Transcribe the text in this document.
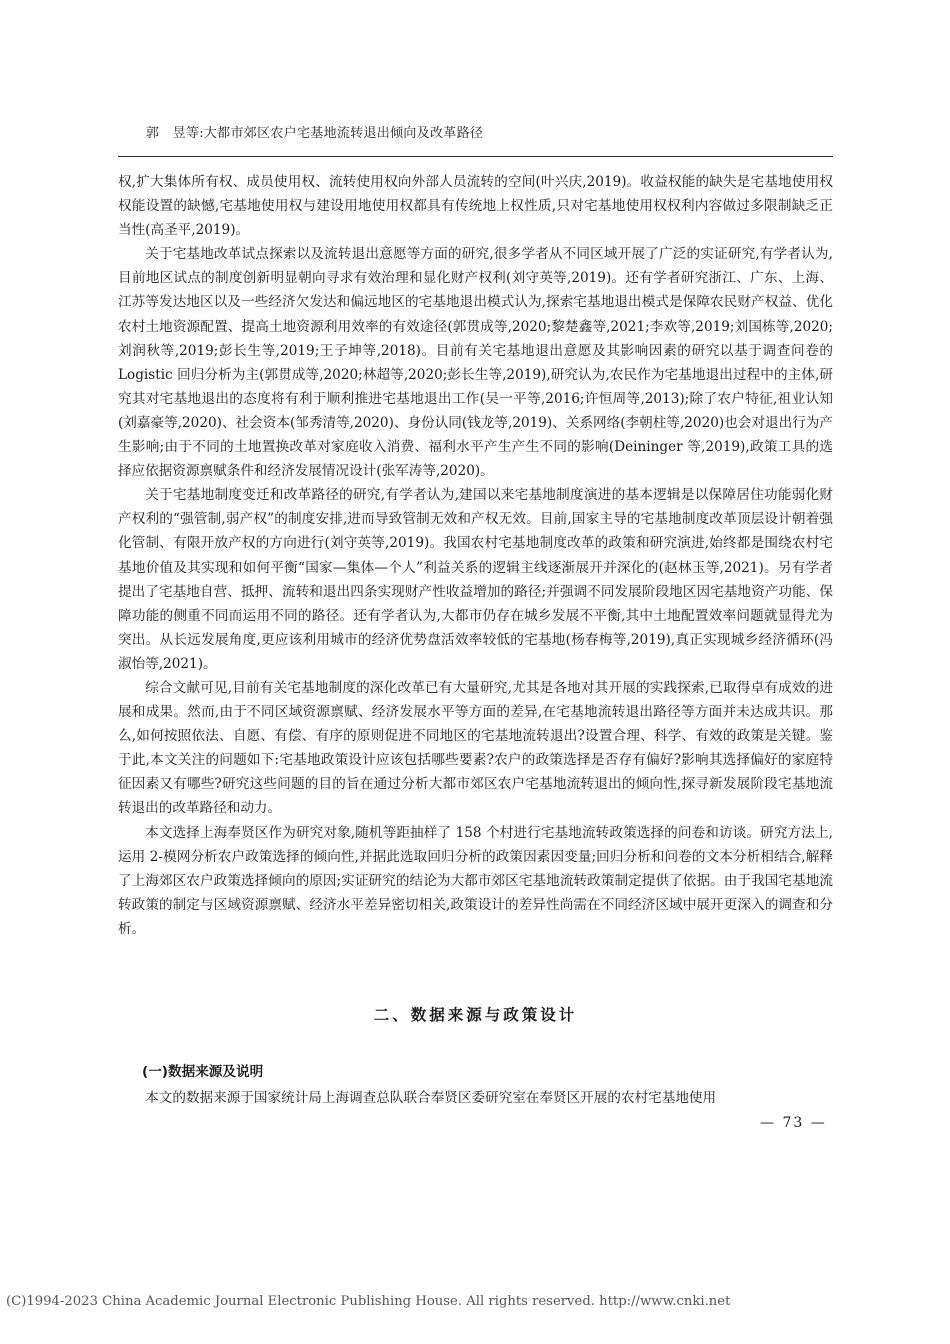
郭　昱等:大都市郊区农户宅基地流转退出倾向及改革路径

权,扩大集体所有权、成员使用权、流转使用权向外部人员流转的空间(叶兴庆,2019)。收益权能的缺失是宅基地使用权权能设置的缺憾,宅基地使用权与建设用地使用权都具有传统地上权性质,只对宅基地使用权权利内容做过多限制缺乏正当性(高圣平,2019)。

关于宅基地改革试点探索以及流转退出意愿等方面的研究,很多学者从不同区域开展了广泛的实证研究,有学者认为,目前地区试点的制度创新明显朝向寻求有效治理和显化财产权利(刘守英等,2019)。还有学者研究浙江、广东、上海、江苏等发达地区以及一些经济欠发达和偏远地区的宅基地退出模式认为,探索宅基地退出模式是保障农民财产权益、优化农村土地资源配置、提高土地资源利用效率的有效途径(郭贯成等,2020;黎楚鑫等,2021;李欢等,2019;刘国栋等,2020;刘润秋等,2019;彭长生等,2019;王子坤等,2018)。目前有关宅基地退出意愿及其影响因素的研究以基于调查问卷的 Logistic 回归分析为主(郭贯成等,2020;林超等,2020;彭长生等,2019),研究认为,农民作为宅基地退出过程中的主体,研究其对宅基地退出的态度将有利于顺利推进宅基地退出工作(吴一平等,2016;许恒周等,2013);除了农户特征,祖业认知(刘嘉豪等,2020)、社会资本(邹秀清等,2020)、身份认同(钱龙等,2019)、关系网络(李朝柱等,2020)也会对退出行为产生影响;由于不同的土地置换改革对家庭收入消费、福利水平产生产生不同的影响(Deininger 等,2019),政策工具的选择应依据资源禀赋条件和经济发展情况设计(张军涛等,2020)。

关于宅基地制度变迁和改革路径的研究,有学者认为,建国以来宅基地制度演进的基本逻辑是以保障居住功能弱化财产权利的“强管制,弱产权”的制度安排,进而导致管制无效和产权无效。目前,国家主导的宅基地制度改革顶层设计朝着强化管制、有限开放产权的方向进行(刘守英等,2019)。我国农村宅基地制度改革的政策和研究演进,始终都是围绕农村宅基地价值及其实现和如何平衡“国家—集体—个人”利益关系的逻辑主线逐渐展开并深化的(赵林玉等,2021)。另有学者提出了宅基地自营、抵押、流转和退出四条实现财产性收益增加的路径;并强调不同发展阶段地区因宅基地资产功能、保障功能的侧重不同而运用不同的路径。还有学者认为,大都市仍存在城乡发展不平衡,其中土地配置效率问题就显得尤为突出。从长远发展角度,更应该利用城市的经济优势盘活效率较低的宅基地(杨春梅等,2019),真正实现城乡经济循环(冯淑怡等,2021)。

综合文献可见,目前有关宅基地制度的深化改革已有大量研究,尤其是各地对其开展的实践探索,已取得卓有成效的进展和成果。然而,由于不同区域资源禀赋、经济发展水平等方面的差异,在宅基地流转退出路径等方面并未达成共识。那么,如何按照依法、自愿、有偿、有序的原则促进不同地区的宅基地流转退出?设置合理、科学、有效的政策是关键。鉴于此,本文关注的问题如下:宅基地政策设计应该包括哪些要素?农户的政策选择是否存有偏好?影响其选择偏好的家庭特征因素又有哪些?研究这些问题的目的旨在通过分析大都市郊区农户宅基地流转退出的倾向性,探寻新发展阶段宅基地流转退出的改革路径和动力。

本文选择上海奉贤区作为研究对象,随机等距抽样了 158 个村进行宅基地流转政策选择的问卷和访谈。研究方法上,运用 2-模网分析农户政策选择的倾向性,并据此选取回归分析的政策因素因变量;回归分析和问卷的文本分析相结合,解释了上海郊区农户政策选择倾向的原因;实证研究的结论为大都市郊区宅基地流转政策制定提供了依据。由于我国宅基地流转政策的制定与区域资源禀赋、经济水平差异密切相关,政策设计的差异性尚需在不同经济区域中展开更深入的调查和分析。

二、数据来源与政策设计
(一)数据来源及说明
本文的数据来源于国家统计局上海调查总队联合奉贤区委研究室在奉贤区开展的农村宅基地使用
— 73 —
(C)1994-2023 China Academic Journal Electronic Publishing House. All rights reserved. http://www.cnki.net
